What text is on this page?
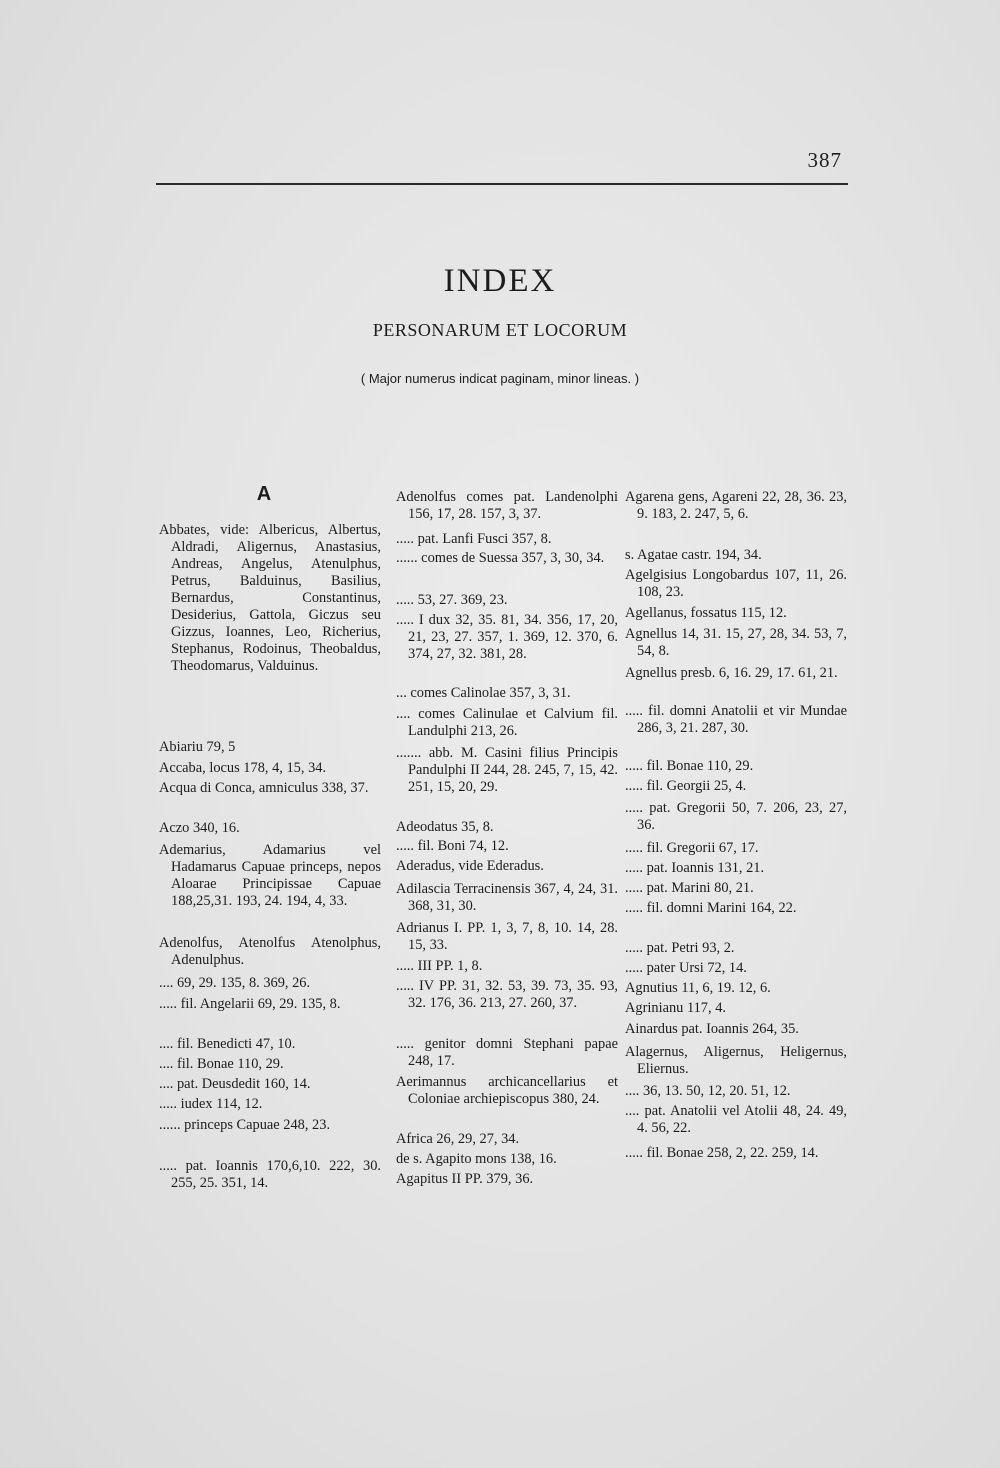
387
INDEX
PERSONARUM ET LOCORUM
( Major numerus indicat paginam, minor lineas. )
A

Abbates, vide: Albericus, Albertus, Aldradi, Aligernus, Anastasius, Andreas, Angelus, Atenulphus, Petrus, Balduinus, Basilius, Bernardus, Constantinus, Desiderius, Gattola, Giczus seu Gizzus, Ioannes, Leo, Richerius, Stephanus, Rodoinus, Theobaldus, Theodomarus, Valduinus.

Abiariu 79, 5

Accaba, locus 178, 4, 15, 34.

Acqua di Conca, amniculus 338, 37.

Aczo 340, 16.

Ademarius, Adamarius vel Hadamarus Capuae princeps, nepos Aloarae Principissae Capuae 188,25,31. 193, 24. 194, 4, 33.

Adenolfus, Atenolfus Atenolphus, Adenulphus.

.... 69, 29. 135, 8. 369, 26.

..... fil. Angelarii 69, 29. 135, 8.

.... fil. Benedicti 47, 10.

.... fil. Bonae 110, 29.

.... pat. Deusdedit 160, 14.

..... iudex 114, 12.

...... princeps Capuae 248, 23.

..... pat. Ioannis 170,6,10. 222, 30. 255, 25. 351, 14.

Adenolfus comes pat. Landenolphi 156, 17, 28. 157, 3, 37.

..... pat. Lanfi Fusci 357, 8.

...... comes de Suessa 357, 3, 30, 34.

..... 53, 27. 369, 23.

..... I dux 32, 35. 81, 34. 356, 17, 20, 21, 23, 27. 357, 1. 369, 12. 370, 6. 374, 27, 32. 381, 28.

... comes Calinolae 357, 3, 31.

.... comes Calinulae et Calvium fil. Landulphi 213, 26.

....... abb. M. Casini filius Principis Pandulphi II 244, 28. 245, 7, 15, 42. 251, 15, 20, 29.

Adeodatus 35, 8.

..... fil. Boni 74, 12.

Aderadus, vide Ederadus.

Adilascia Terracinensis 367, 4, 24, 31. 368, 31, 30.

Adrianus I. PP. 1, 3, 7, 8, 10. 14, 28. 15, 33.

..... III PP. 1, 8.

..... IV PP. 31, 32. 53, 39. 73, 35. 93, 32. 176, 36. 213, 27. 260, 37.

..... genitor domni Stephani papae 248, 17.

Aerimannus archicancellarius et Coloniae archiepiscopus 380, 24.

Africa 26, 29, 27, 34.

de s. Agapito mons 138, 16.

Agapitus II PP. 379, 36.

Agarena gens, Agareni 22, 28, 36. 23, 9. 183, 2. 247, 5, 6.

s. Agatae castr. 194, 34.

Agelgisius Longobardus 107, 11, 26. 108, 23.

Agellanus, fossatus 115, 12.

Agnellus 14, 31. 15, 27, 28, 34. 53, 7, 54, 8.

Agnellus presb. 6, 16. 29, 17. 61, 21.

..... fil. domni Anatolii et vir Mundae 286, 3, 21. 287, 30.

..... fil. Bonae 110, 29.

..... fil. Georgii 25, 4.

..... pat. Gregorii 50, 7. 206, 23, 27, 36.

..... fil. Gregorii 67, 17.

..... pat. Ioannis 131, 21.

..... pat. Marini 80, 21.

..... fil. domni Marini 164, 22.

..... pat. Petri 93, 2.

..... pater Ursi 72, 14.

Agnutius 11, 6, 19. 12, 6.

Agrinianu 117, 4.

Ainardus pat. Ioannis 264, 35.

Alagernus, Aligernus, Heligernus, Eliernus.

.... 36, 13. 50, 12, 20. 51, 12.

.... pat. Anatolii vel Atolii 48, 24. 49, 4. 56, 22.

..... fil. Bonae 258, 2, 22. 259, 14.
